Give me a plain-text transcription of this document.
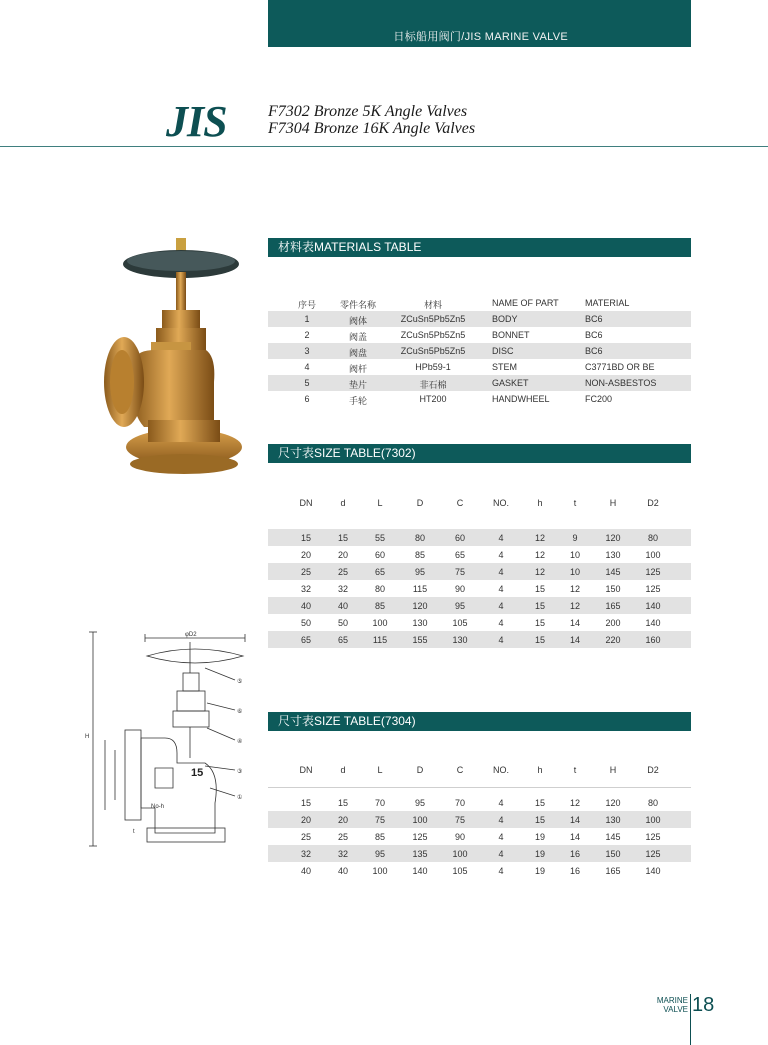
日标船用阀门/JIS MARINE VALVE
JIS	F7302 Bronze 5K Angle Valves
F7304 Bronze 16K Angle Valves
材料表MATERIALS TABLE
序号	零件名称	材料	NAME OF PART	MATERIAL
1	阀体	ZCuSn5Pb5Zn5	BODY	BC6
2	阀盖	ZCuSn5Pb5Zn5	BONNET	BC6
3	阀盘	ZCuSn5Pb5Zn5	DISC	BC6
4	阀杆	HPb59-1	STEM	C3771BD OR BE
5	垫片	非石棉	GASKET	NON-ASBESTOS
6	手轮	HT200	HANDWHEEL	FC200
尺寸表SIZE TABLE(7302)
DN	d	L	D	C	NO.	h	t	H	D2
15	15	55	80	60	4	12	9	120	80
20	20	60	85	65	4	12	10	130	100
25	25	65	95	75	4	12	10	145	125
32	32	80	115	90	4	15	12	150	125
40	40	85	120	95	4	15	12	165	140
50	50	100	130	105	4	15	14	200	140
65	65	115	155	130	4	15	14	220	160
φD2
H
No-h
t
⑤
⑥
④
③
①
15
尺寸表SIZE TABLE(7304)
DN	d	L	D	C	NO.	h	t	H	D2
15	15	70	95	70	4	15	12	120	80
20	20	75	100	75	4	15	14	130	100
25	25	85	125	90	4	19	14	145	125
32	32	95	135	100	4	19	16	150	125
40	40	100	140	105	4	19	16	165	140
MARINE
VALVE 18
